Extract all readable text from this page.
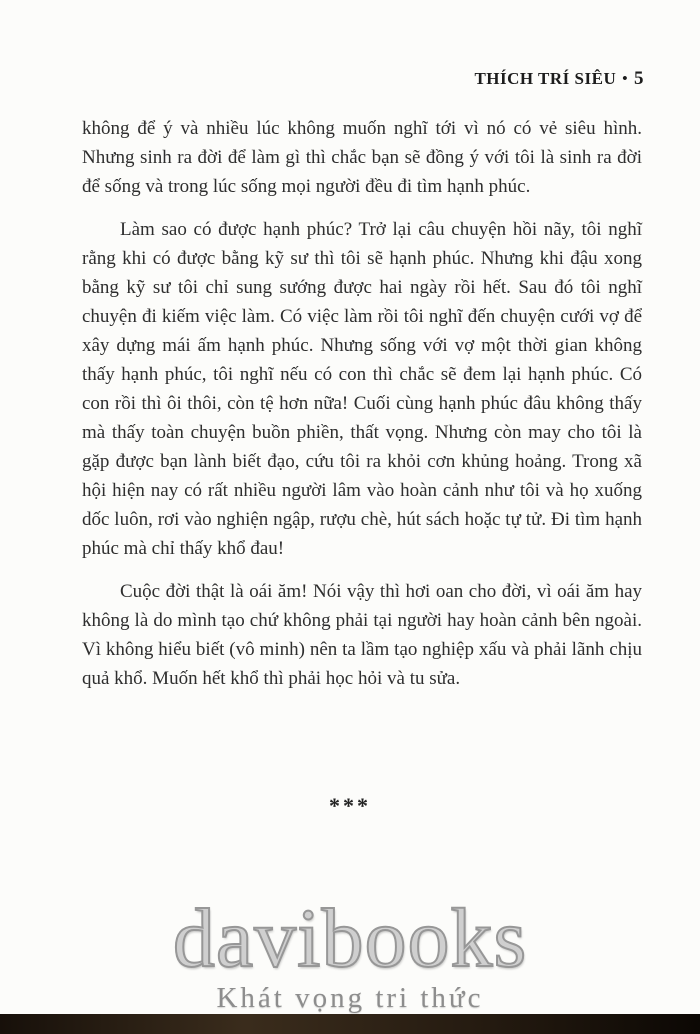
THÍCH TRÍ SIÊU • 5

không để ý và nhiều lúc không muốn nghĩ tới vì nó có vẻ siêu hình. Nhưng sinh ra đời để làm gì thì chắc bạn sẽ đồng ý với tôi là sinh ra đời để sống và trong lúc sống mọi người đều đi tìm hạnh phúc.

Làm sao có được hạnh phúc? Trở lại câu chuyện hồi nãy, tôi nghĩ rằng khi có được bằng kỹ sư thì tôi sẽ hạnh phúc. Nhưng khi đậu xong bằng kỹ sư tôi chỉ sung sướng được hai ngày rồi hết. Sau đó tôi nghĩ chuyện đi kiếm việc làm. Có việc làm rồi tôi nghĩ đến chuyện cưới vợ để xây dựng mái ấm hạnh phúc. Nhưng sống với vợ một thời gian không thấy hạnh phúc, tôi nghĩ nếu có con thì chắc sẽ đem lại hạnh phúc. Có con rồi thì ôi thôi, còn tệ hơn nữa! Cuối cùng hạnh phúc đâu không thấy mà thấy toàn chuyện buồn phiền, thất vọng. Nhưng còn may cho tôi là gặp được bạn lành biết đạo, cứu tôi ra khỏi cơn khủng hoảng. Trong xã hội hiện nay có rất nhiều người lâm vào hoàn cảnh như tôi và họ xuống dốc luôn, rơi vào nghiện ngập, rượu chè, hút sách hoặc tự tử. Đi tìm hạnh phúc mà chỉ thấy khổ đau!

Cuộc đời thật là oái ăm! Nói vậy thì hơi oan cho đời, vì oái ăm hay không là do mình tạo chứ không phải tại người hay hoàn cảnh bên ngoài. Vì không hiểu biết (vô minh) nên ta lầm tạo nghiệp xấu và phải lãnh chịu quả khổ. Muốn hết khổ thì phải học hỏi và tu sửa.

***
davibooks
Khát vọng tri thức
